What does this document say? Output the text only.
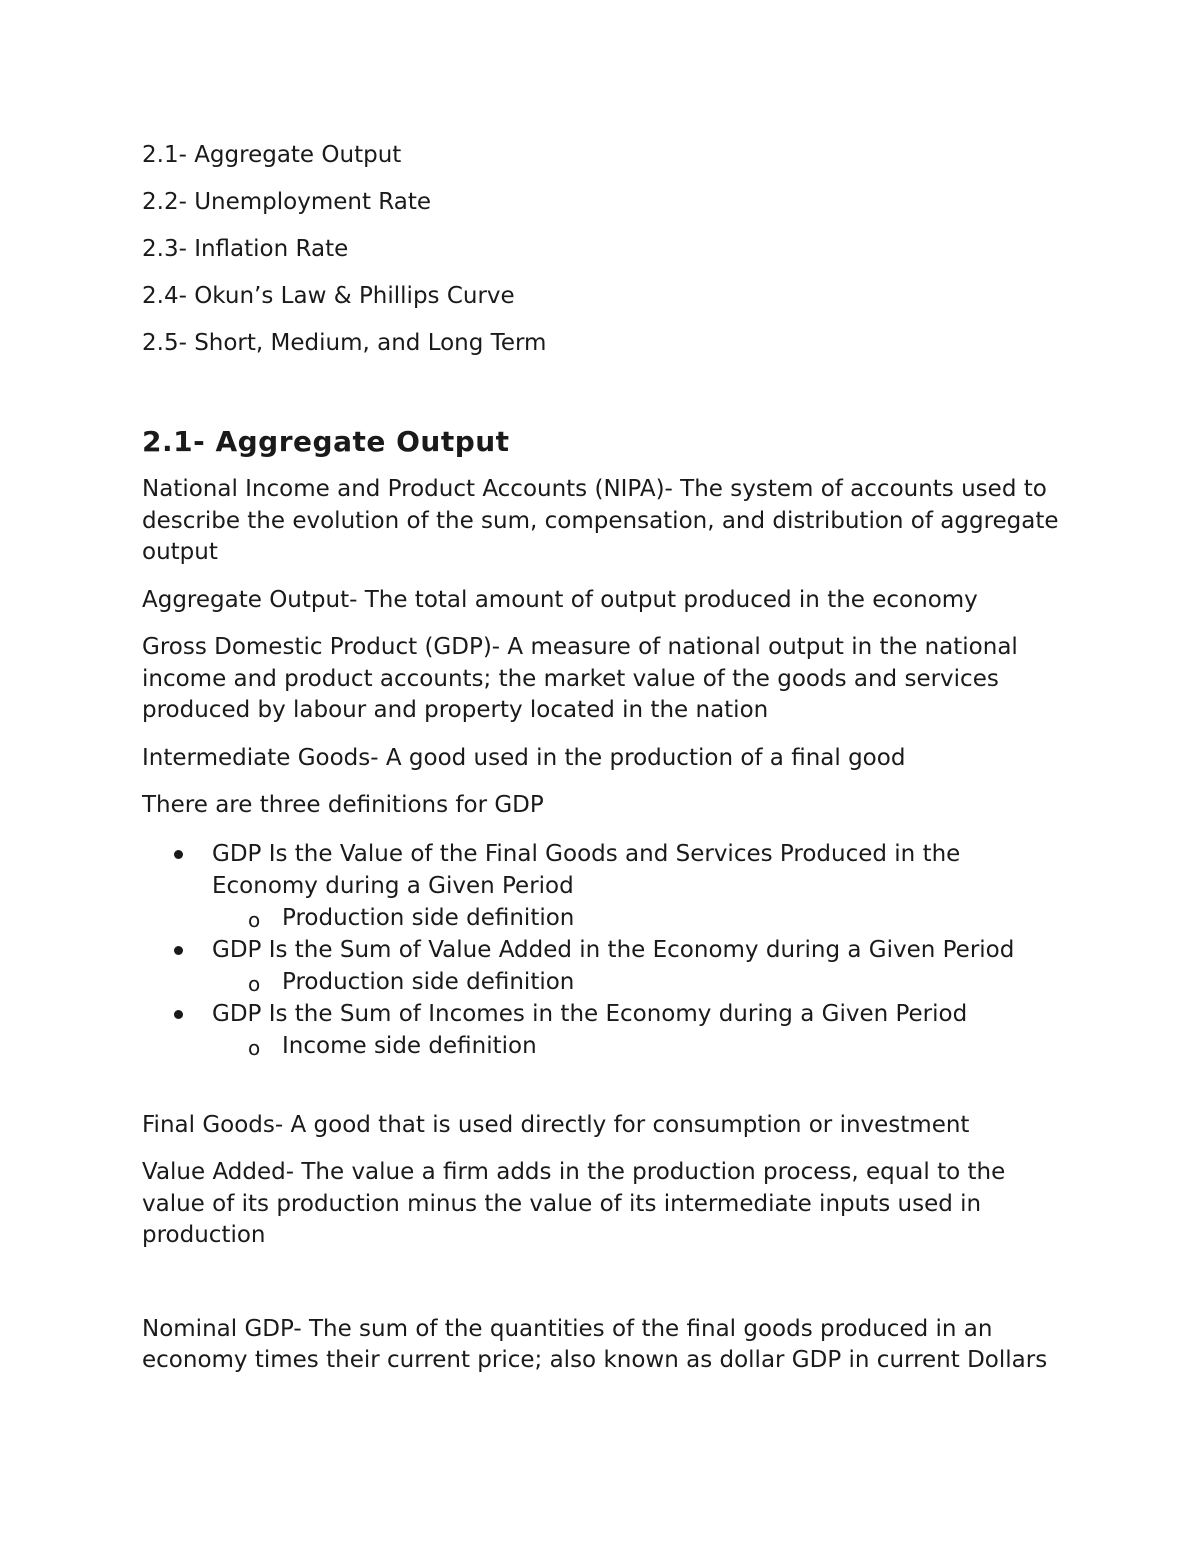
2.1- Aggregate Output
2.2- Unemployment Rate
2.3- Inflation Rate
2.4- Okun’s Law & Phillips Curve
2.5- Short, Medium, and Long Term
2.1- Aggregate Output

National Income and Product Accounts (NIPA)- The system of accounts used to describe the evolution of the sum, compensation, and distribution of aggregate output

Aggregate Output- The total amount of output produced in the economy

Gross Domestic Product (GDP)- A measure of national output in the national income and product accounts; the market value of the goods and services produced by labour and property located in the nation

Intermediate Goods- A good used in the production of a final good

There are three definitions for GDP

GDP Is the Value of the Final Goods and Services Produced in the Economy during a Given Period
o Production side definition
GDP Is the Sum of Value Added in the Economy during a Given Period
o Production side definition
GDP Is the Sum of Incomes in the Economy during a Given Period
o Income side definition

Final Goods- A good that is used directly for consumption or investment

Value Added- The value a firm adds in the production process, equal to the value of its production minus the value of its intermediate inputs used in production

Nominal GDP- The sum of the quantities of the final goods produced in an economy times their current price; also known as dollar GDP in current Dollars
